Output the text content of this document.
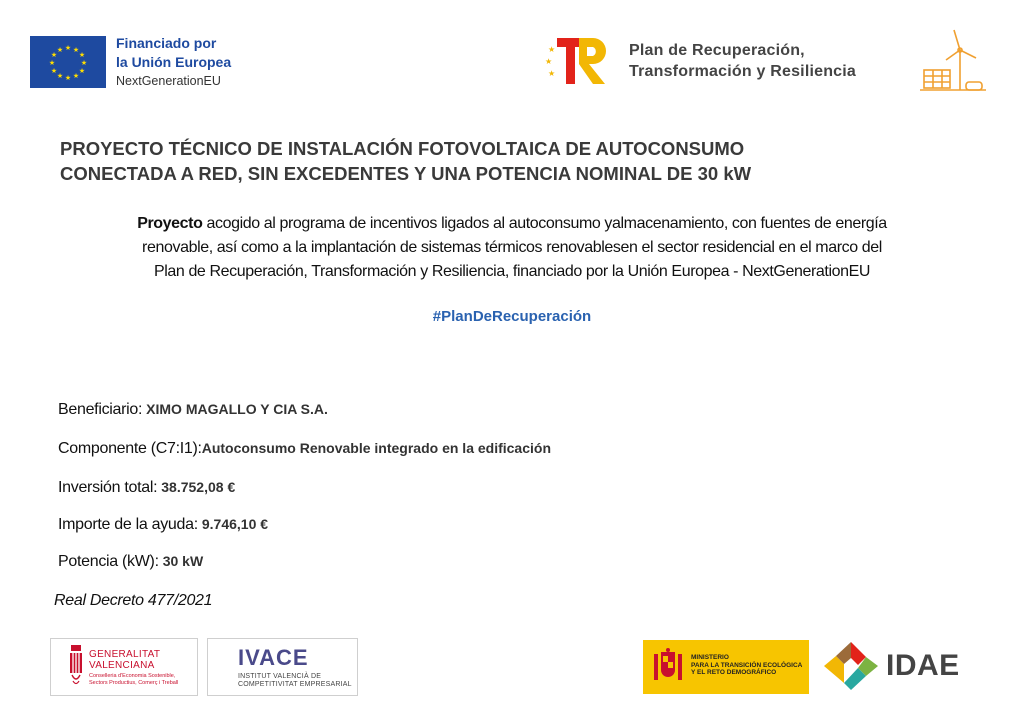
★ ★
★
★
★
★
★
★
★
★
★
★	Financiado por
la Unión Europea
NextGenerationEU
★
★
★
Plan de Recuperación,
Transformación y Resiliencia
PROYECTO TÉCNICO DE INSTALACIÓN FOTOVOLTAICA DE AUTOCONSUMO
CONECTADA A RED, SIN EXCEDENTES Y UNA POTENCIA NOMINAL DE 30 kW
Proyecto acogido al programa de incentivos ligados al autoconsumo yalmacenamiento, con fuentes de energía
renovable, así como a la implantación de sistemas térmicos renovablesen el sector residencial en el marco del
Plan de Recuperación, Transformación y Resiliencia, financiado por la Unión Europea - NextGenerationEU
#PlanDeRecuperación
Beneficiario: XIMO MAGALLO Y CIA S.A.
Componente (C7:I1): Autoconsumo Renovable integrado en la edificación
Inversión total: 38.752,08 €
Importe de la ayuda: 9.746,10 €
Potencia (kW): 30 kW
Real Decreto 477/2021
GENERALITAT
VALENCIANA
Conselleria d'Economia Sostenible, Sectors Productius, Comerç i Treball
IVACE
INSTITUT VALENCIÀ DE
COMPETITIVITAT EMPRESARIAL
MINISTERIO
PARA LA TRANSICIÓN ECOLÓGICA
Y EL RETO DEMOGRÁFICO	IDAE
